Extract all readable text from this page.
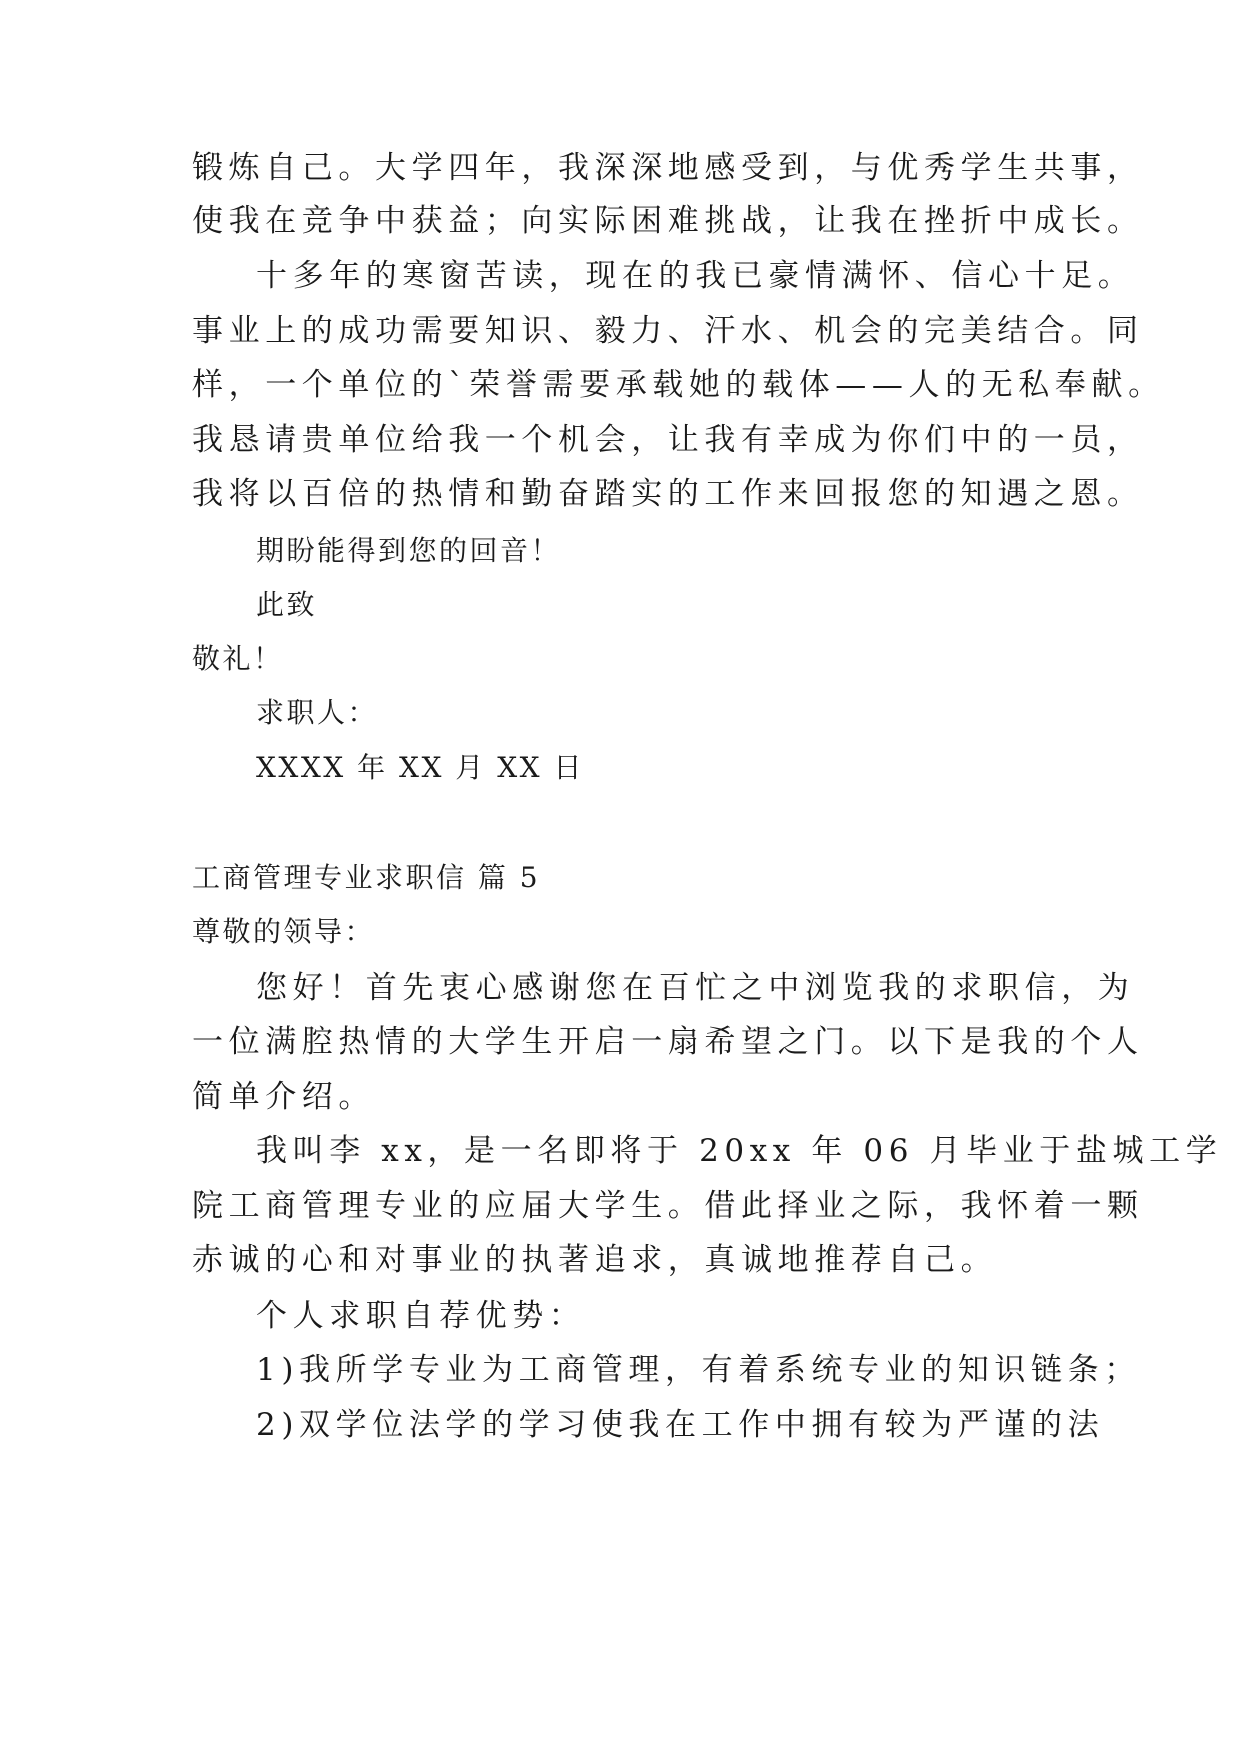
锻炼自己。大学四年，我深深地感受到，与优秀学生共事，

使我在竞争中获益；向实际困难挑战，让我在挫折中成长。

十多年的寒窗苦读，现在的我已豪情满怀、信心十足。

事业上的成功需要知识、毅力、汗水、机会的完美结合。同

样，一个单位的`荣誉需要承载她的载体——人的无私奉献。

我恳请贵单位给我一个机会，让我有幸成为你们中的一员，

我将以百倍的热情和勤奋踏实的工作来回报您的知遇之恩。

期盼能得到您的回音！

此致

敬礼！

求职人：

XXXX 年 XX 月 XX 日

工商管理专业求职信 篇 5

尊敬的领导：

您好！首先衷心感谢您在百忙之中浏览我的求职信，为

一位满腔热情的大学生开启一扇希望之门。以下是我的个人

简单介绍。

我叫李 xx，是一名即将于 20xx 年 06 月毕业于盐城工学

院工商管理专业的应届大学生。借此择业之际，我怀着一颗

赤诚的心和对事业的执著追求，真诚地推荐自己。

个人求职自荐优势：

1)我所学专业为工商管理，有着系统专业的知识链条；

2)双学位法学的学习使我在工作中拥有较为严谨的法
